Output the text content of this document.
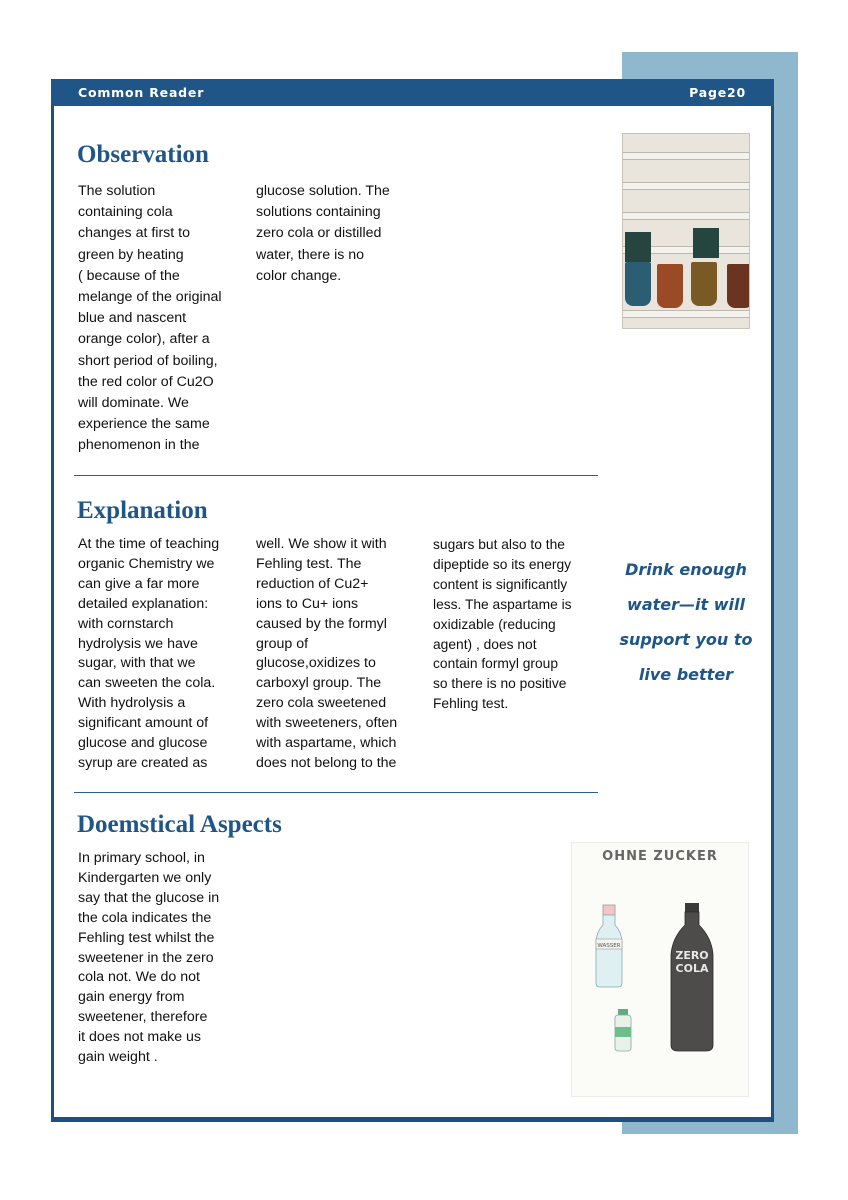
Common Reader	Page20
Observation

The solution
containing cola
changes at first to
green by heating
( because of the
melange of the original
blue and nascent
orange color), after a
short period of boiling,
the red color of Cu2O
will dominate. We
experience the same
phenomenon in the

glucose solution. The
solutions containing
zero cola or distilled
water, there is no
color change.

Explanation

At the time of teaching
organic Chemistry we
can give a far more
detailed explanation:
with cornstarch
hydrolysis we have
sugar, with that we
can sweeten the cola.
With hydrolysis a
significant amount of
glucose and glucose
syrup are created as

well. We show it with
Fehling test. The
reduction of Cu2+
ions to Cu+ ions
caused by the formyl
group of
glucose,oxidizes to
carboxyl group. The
zero cola sweetened
with sweeteners, often
with aspartame, which
does not belong to the

sugars but also to the
dipeptide so its energy
content is significantly
less. The aspartame is
oxidizable (reducing
agent) , does not
contain formyl group
so there is no positive
Fehling test.

Drink enough water—it will support you to live better

Doemstical Aspects

In primary school, in
Kindergarten we only
say that the glucose in
the cola indicates the
Fehling test whilst the
sweetener in the zero
cola not. We do not
gain energy from
sweetener, therefore
it does not make us
gain weight .

OHNE ZUCKER
WASSER
ZERO
COLA
